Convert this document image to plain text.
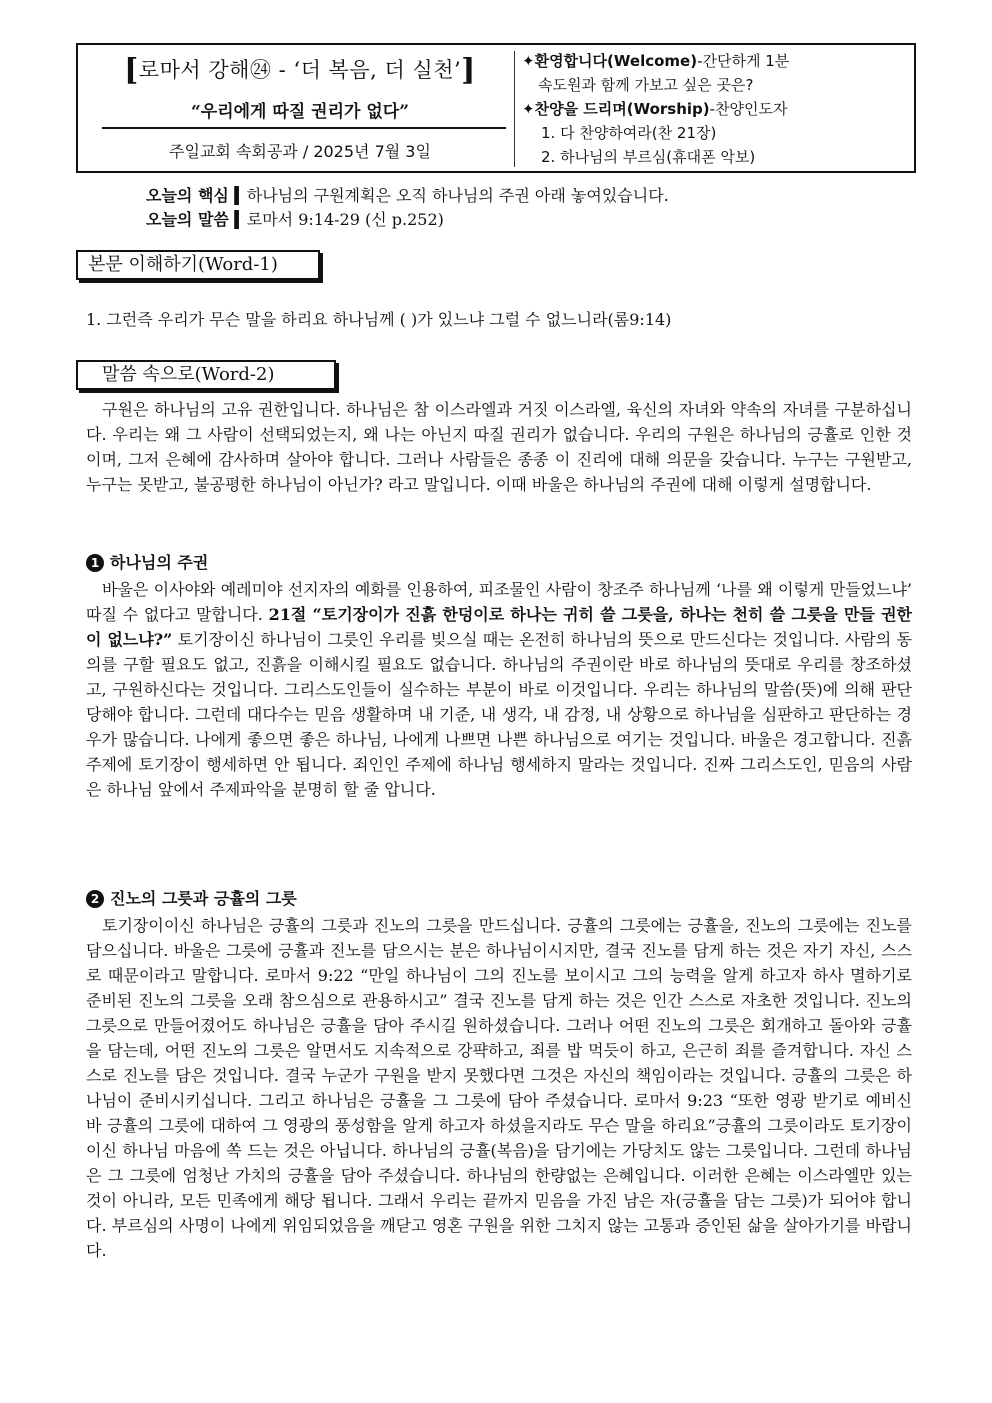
[로마서 강해㉔ - ‘더 복음, 더 실천’]
“우리에게 따질 권리가 없다”
주일교회 속회공과 / 2025년 7월 3일
✦환영합니다(Welcome)-간단하게 1분
속도원과 함께 가보고 싶은 곳은?
✦찬양을 드리며(Worship)-찬양인도자
1. 다 찬양하여라(찬 21장)
2. 하나님의 부르심(휴대폰 악보)
오늘의 핵심 ▍하나님의 구원계획은 오직 하나님의 주권 아래 놓여있습니다.
오늘의 말씀 ▍로마서 9:14-29 (신 p.252)
본문 이해하기(Word-1)
1. 그런즉 우리가 무슨 말을 하리요 하나님께 ( )가 있느냐 그럴 수 없느니라(롬9:14)
말씀 속으로(Word-2)
구원은 하나님의 고유 권한입니다. 하나님은 참 이스라엘과 거짓 이스라엘, 육신의 자녀와 약속의 자녀를 구분하십니다. 우리는 왜 그 사람이 선택되었는지, 왜 나는 아닌지 따질 권리가 없습니다. 우리의 구원은 하나님의 긍휼로 인한 것이며, 그저 은혜에 감사하며 살아야 합니다. 그러나 사람들은 종종 이 진리에 대해 의문을 갖습니다. 누구는 구원받고, 누구는 못받고, 불공평한 하나님이 아닌가? 라고 말입니다. 이때 바울은 하나님의 주권에 대해 이렇게 설명합니다.
1 하나님의 주권
바울은 이사야와 예레미야 선지자의 예화를 인용하여, 피조물인 사람이 창조주 하나님께 ‘나를 왜 이렇게 만들었느냐’ 따질 수 없다고 말합니다. 21절 “토기장이가 진흙 한덩이로 하나는 귀히 쓸 그릇을, 하나는 천히 쓸 그릇을 만들 권한이 없느냐?” 토기장이신 하나님이 그릇인 우리를 빚으실 때는 온전히 하나님의 뜻으로 만드신다는 것입니다. 사람의 동의를 구할 필요도 없고, 진흙을 이해시킬 필요도 없습니다. 하나님의 주권이란 바로 하나님의 뜻대로 우리를 창조하셨고, 구원하신다는 것입니다. 그리스도인들이 실수하는 부분이 바로 이것입니다. 우리는 하나님의 말씀(뜻)에 의해 판단 당해야 합니다. 그런데 대다수는 믿음 생활하며 내 기준, 내 생각, 내 감정, 내 상황으로 하나님을 심판하고 판단하는 경우가 많습니다. 나에게 좋으면 좋은 하나님, 나에게 나쁘면 나쁜 하나님으로 여기는 것입니다. 바울은 경고합니다. 진흙 주제에 토기장이 행세하면 안 됩니다. 죄인인 주제에 하나님 행세하지 말라는 것입니다. 진짜 그리스도인, 믿음의 사람은 하나님 앞에서 주제파악을 분명히 할 줄 압니다.
2 진노의 그릇과 긍휼의 그릇
토기장이이신 하나님은 긍휼의 그릇과 진노의 그릇을 만드십니다. 긍휼의 그릇에는 긍휼을, 진노의 그릇에는 진노를 담으십니다. 바울은 그릇에 긍휼과 진노를 담으시는 분은 하나님이시지만, 결국 진노를 담게 하는 것은 자기 자신, 스스로 때문이라고 말합니다. 로마서 9:22 “만일 하나님이 그의 진노를 보이시고 그의 능력을 알게 하고자 하사 멸하기로 준비된 진노의 그릇을 오래 참으심으로 관용하시고” 결국 진노를 담게 하는 것은 인간 스스로 자초한 것입니다. 진노의 그릇으로 만들어졌어도 하나님은 긍휼을 담아 주시길 원하셨습니다. 그러나 어떤 진노의 그릇은 회개하고 돌아와 긍휼을 담는데, 어떤 진노의 그릇은 알면서도 지속적으로 강퍅하고, 죄를 밥 먹듯이 하고, 은근히 죄를 즐겨합니다. 자신 스스로 진노를 담은 것입니다. 결국 누군가 구원을 받지 못했다면 그것은 자신의 책임이라는 것입니다. 긍휼의 그릇은 하나님이 준비시키십니다. 그리고 하나님은 긍휼을 그 그릇에 담아 주셨습니다. 로마서 9:23 “또한 영광 받기로 예비신 바 긍휼의 그릇에 대하여 그 영광의 풍성함을 알게 하고자 하셨을지라도 무슨 말을 하리요”긍휼의 그릇이라도 토기장이이신 하나님 마음에 쏙 드는 것은 아닙니다. 하나님의 긍휼(복음)을 담기에는 가당치도 않는 그릇입니다. 그런데 하나님은 그 그릇에 엄청난 가치의 긍휼을 담아 주셨습니다. 하나님의 한량없는 은혜입니다. 이러한 은혜는 이스라엘만 있는 것이 아니라, 모든 민족에게 해당 됩니다. 그래서 우리는 끝까지 믿음을 가진 남은 자(긍휼을 담는 그릇)가 되어야 합니다. 부르심의 사명이 나에게 위임되었음을 깨닫고 영혼 구원을 위한 그치지 않는 고통과 증인된 삶을 살아가기를 바랍니다.
